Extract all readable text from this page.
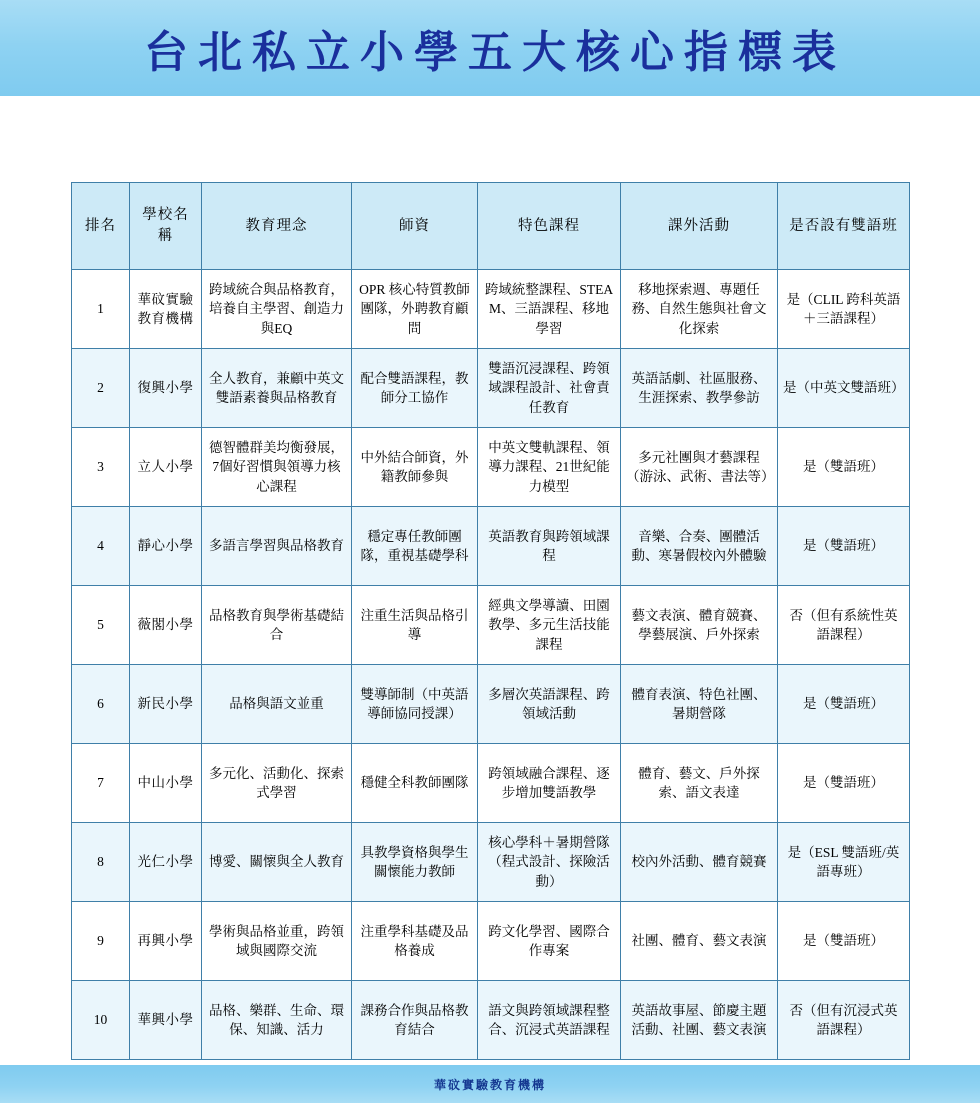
台北私立小學五大核心指標表
排名	學校名稱	教育理念	師資	特色課程	課外活動	是否設有雙語班
1	華砇實驗教育機構	跨域統合與品格教育，培養自主學習、創造力與EQ	OPR 核心特質教師團隊，外聘教育顧問	跨域統整課程、STEAM、三語課程、移地學習	移地探索週、專題任務、自然生態與社會文化探索	是（CLIL 跨科英語＋三語課程）
2	復興小學	全人教育，兼顧中英文雙語素養與品格教育	配合雙語課程，教師分工協作	雙語沉浸課程、跨領域課程設計、社會責任教育	英語話劇、社區服務、生涯探索、教學參訪	是（中英文雙語班）
3	立人小學	德智體群美均衡發展，7個好習慣與領導力核心課程	中外結合師資，外籍教師參與	中英文雙軌課程、領導力課程、21世紀能力模型	多元社團與才藝課程（游泳、武術、書法等）	是（雙語班）
4	靜心小學	多語言學習與品格教育	穩定專任教師團隊，重視基礎學科	英語教育與跨領域課程	音樂、合奏、團體活動、寒暑假校內外體驗	是（雙語班）
5	薇閣小學	品格教育與學術基礎結合	注重生活與品格引導	經典文學導讀、田園教學、多元生活技能課程	藝文表演、體育競賽、學藝展演、戶外探索	否（但有系統性英語課程）
6	新民小學	品格與語文並重	雙導師制（中英語導師協同授課）	多層次英語課程、跨領域活動	體育表演、特色社團、暑期營隊	是（雙語班）
7	中山小學	多元化、活動化、探索式學習	穩健全科教師團隊	跨領域融合課程、逐步增加雙語教學	體育、藝文、戶外探索、語文表達	是（雙語班）
8	光仁小學	博愛、關懷與全人教育	具教學資格與學生關懷能力教師	核心學科＋暑期營隊（程式設計、探險活動）	校內外活動、體育競賽	是（ESL 雙語班/英語專班）
9	再興小學	學術與品格並重，跨領域與國際交流	注重學科基礎及品格養成	跨文化學習、國際合作專案	社團、體育、藝文表演	是（雙語班）
10	華興小學	品格、樂群、生命、環保、知識、活力	課務合作與品格教育結合	語文與跨領域課程整合、沉浸式英語課程	英語故事屋、節慶主題活動、社團、藝文表演	否（但有沉浸式英語課程）
華砇實驗教育機構
